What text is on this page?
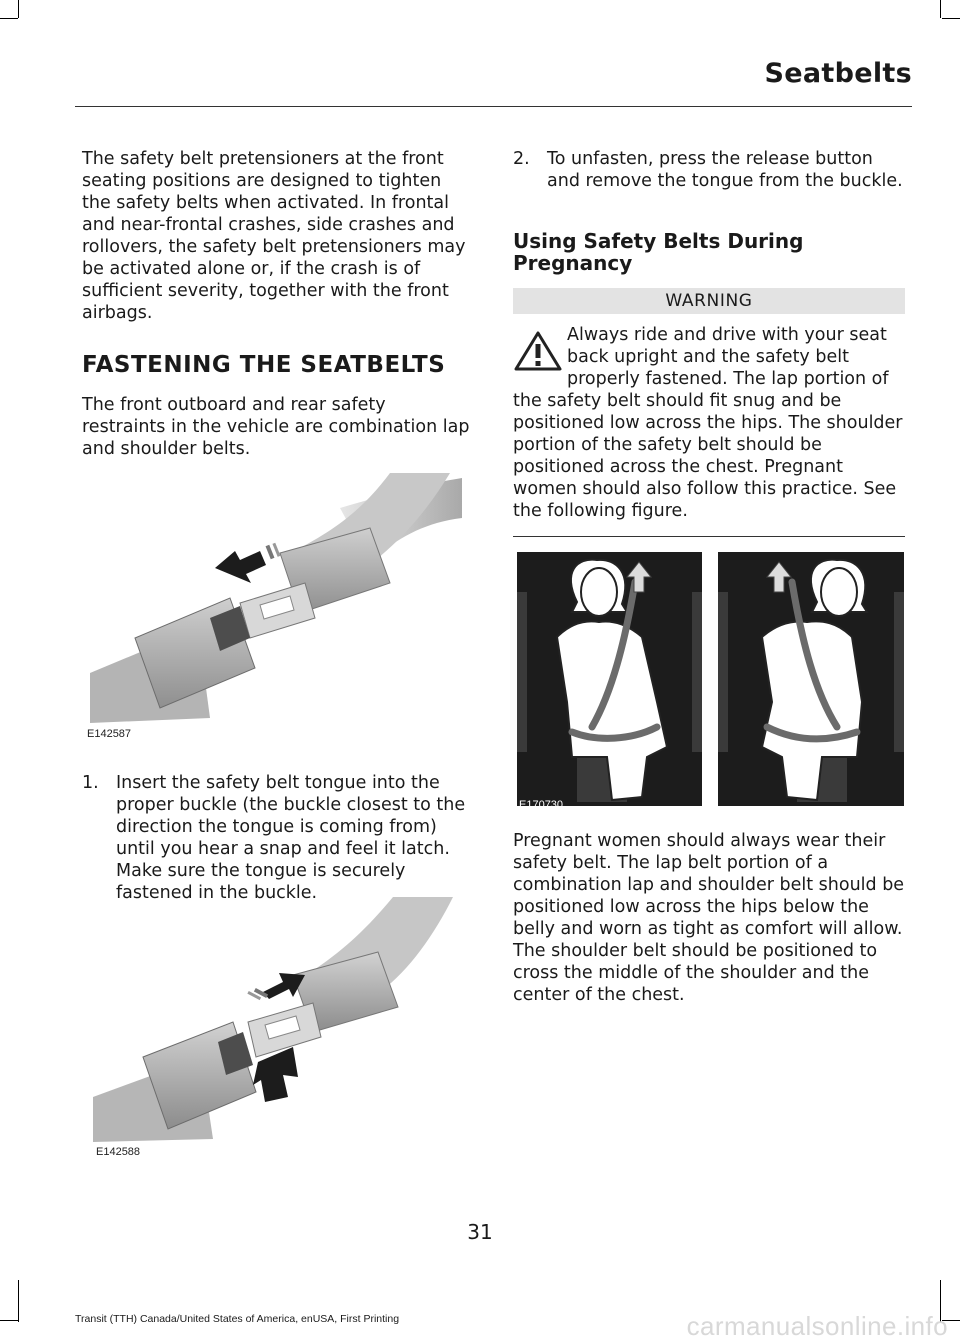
Seatbelts

The safety belt pretensioners at the front seating positions are designed to tighten the safety belts when activated. In frontal and near-frontal crashes, side crashes and rollovers, the safety belt pretensioners may be activated alone or, if the crash is of sufficient severity, together with the front airbags.

FASTENING THE SEATBELTS

The front outboard and rear safety restraints in the vehicle are combination lap and shoulder belts.

E142587
1. Insert the safety belt tongue into the proper buckle (the buckle closest to the direction the tongue is coming from) until you hear a snap and feel it latch. Make sure the tongue is securely fastened in the buckle.
E142588
2. To unfasten, press the release button and remove the tongue from the buckle.
Using Safety Belts During Pregnancy
WARNING
Always ride and drive with your seat back upright and the safety belt properly fastened. The lap portion of the safety belt should fit snug and be positioned low across the hips. The shoulder portion of the safety belt should be positioned across the chest. Pregnant women should also follow this practice. See the following figure.
E170730

Pregnant women should always wear their safety belt. The lap belt portion of a combination lap and shoulder belt should be positioned low across the hips below the belly and worn as tight as comfort will allow. The shoulder belt should be positioned to cross the middle of the shoulder and the center of the chest.

31
Transit (TTH) Canada/United States of America, enUSA, First Printing	carmanualsonline.info
